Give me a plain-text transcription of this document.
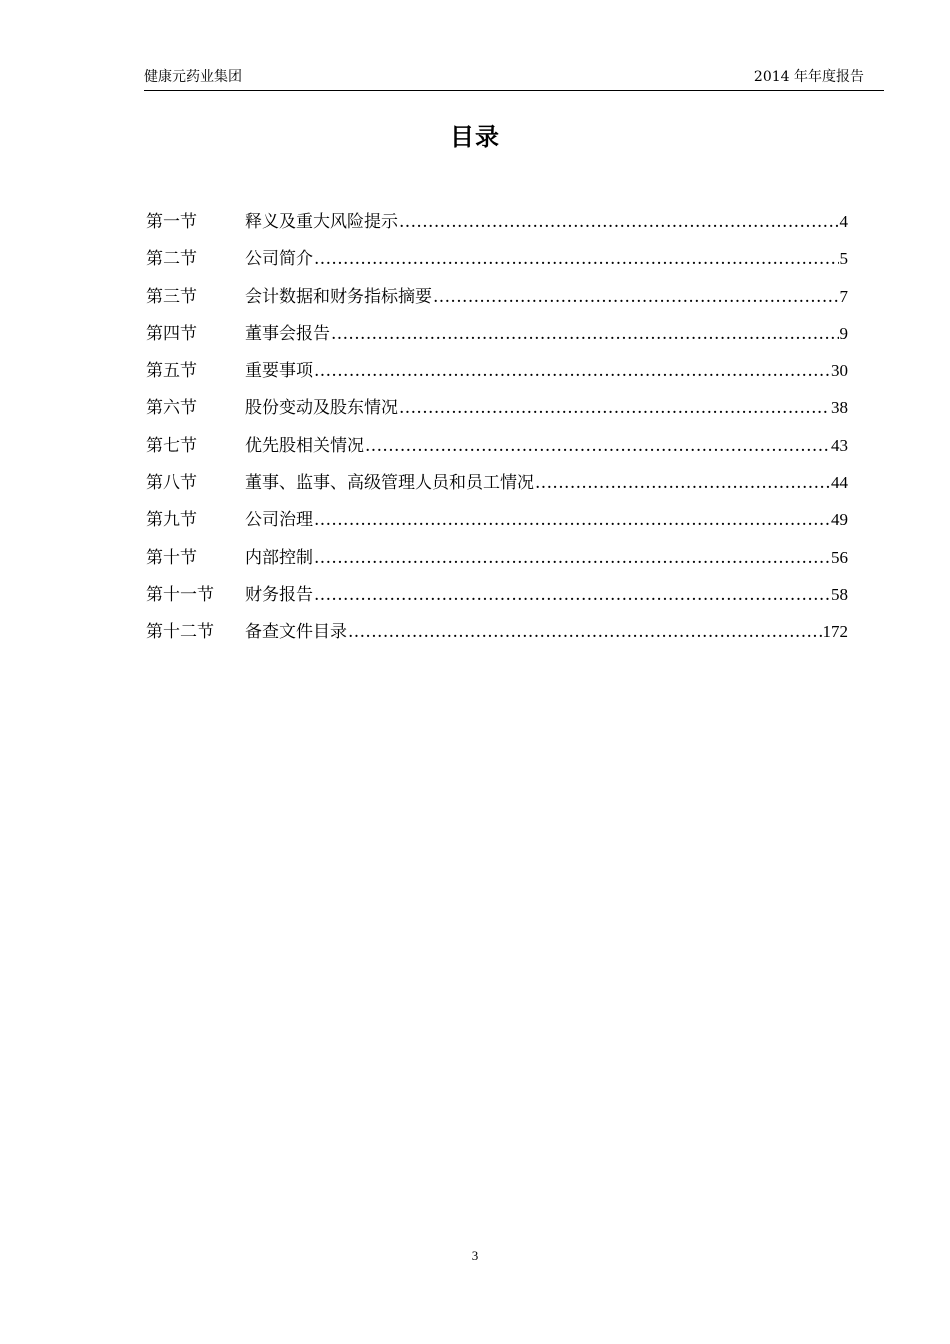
健康元药业集团	2014 年年度报告
目录
第一节	释义及重大风险提示 .....	4
第二节	公司简介 .....	5
第三节	会计数据和财务指标摘要 .....	7
第四节	董事会报告 .....	9
第五节	重要事项 .....	30
第六节	股份变动及股东情况 .....	38
第七节	优先股相关情况 .....	43
第八节	董事、监事、高级管理人员和员工情况 .....	44
第九节	公司治理 .....	49
第十节	内部控制 .....	56
第十一节	财务报告 .....	58
第十二节	备查文件目录 .....	172
3
